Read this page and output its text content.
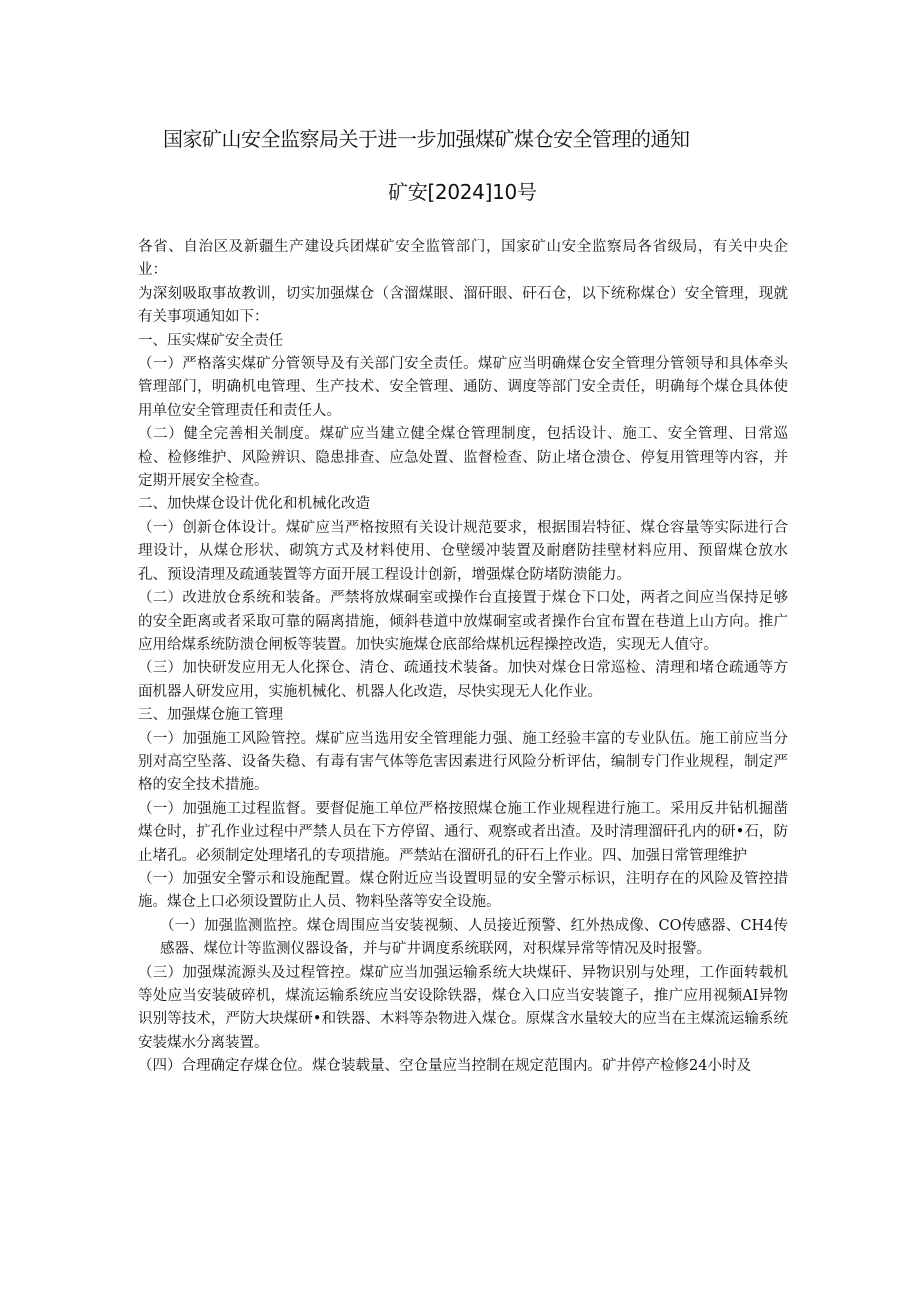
国家矿山安全监察局关于进一步加强煤矿煤仓安全管理的通知
矿安[2024]10号

各省、自治区及新疆生产建设兵团煤矿安全监管部门，国家矿山安全监察局各省级局，有关中央企业：

为深刻吸取事故教训，切实加强煤仓（含溜煤眼、溜矸眼、矸石仓，以下统称煤仓）安全管理，现就有关事项通知如下：

一、压实煤矿安全责任

（一）严格落实煤矿分管领导及有关部门安全责任。煤矿应当明确煤仓安全管理分管领导和具体牵头管理部门，明确机电管理、生产技术、安全管理、通防、调度等部门安全责任，明确每个煤仓具体使用单位安全管理责任和责任人。

（二）健全完善相关制度。煤矿应当建立健全煤仓管理制度，包括设计、施工、安全管理、日常巡检、检修维护、风险辨识、隐患排查、应急处置、监督检查、防止堵仓溃仓、停复用管理等内容，并定期开展安全检查。

二、加快煤仓设计优化和机械化改造

（一）创新仓体设计。煤矿应当严格按照有关设计规范要求，根据围岩特征、煤仓容量等实际进行合理设计，从煤仓形状、砌筑方式及材料使用、仓壁缓冲装置及耐磨防挂壁材料应用、预留煤仓放水孔、预设清理及疏通装置等方面开展工程设计创新，增强煤仓防堵防溃能力。

（二）改进放仓系统和装备。严禁将放煤硐室或操作台直接置于煤仓下口处，两者之间应当保持足够的安全距离或者采取可靠的隔离措施，倾斜巷道中放煤硐室或者操作台宜布置在巷道上山方向。推广应用给煤系统防溃仓闸板等装置。加快实施煤仓底部给煤机远程操控改造，实现无人值守。

（三）加快研发应用无人化探仓、清仓、疏通技术装备。加快对煤仓日常巡检、清理和堵仓疏通等方面机器人研发应用，实施机械化、机器人化改造，尽快实现无人化作业。

三、加强煤仓施工管理

（一）加强施工风险管控。煤矿应当选用安全管理能力强、施工经验丰富的专业队伍。施工前应当分别对高空坠落、设备失稳、有毒有害气体等危害因素进行风险分析评估，编制专门作业规程，制定严格的安全技术措施。

（一）加强施工过程监督。要督促施工单位严格按照煤仓施工作业规程进行施工。采用反井钻机掘凿煤仓时，扩孔作业过程中严禁人员在下方停留、通行、观察或者出渣。及时清理溜矸孔内的研•石，防止堵孔。必须制定处理堵孔的专项措施。严禁站在溜研孔的矸石上作业。四、加强日常管理维护

（一）加强安全警示和设施配置。煤仓附近应当设置明显的安全警示标识，注明存在的风险及管控措施。煤仓上口必须设置防止人员、物料坠落等安全设施。

（一）加强监测监控。煤仓周围应当安装视频、人员接近预警、红外热成像、CO传感器、CH4传感器、煤位计等监测仪器设备，并与矿井调度系统联网，对积煤异常等情况及时报警。

（三）加强煤流源头及过程管控。煤矿应当加强运输系统大块煤矸、异物识别与处理，工作面转载机等处应当安装破碎机，煤流运输系统应当安设除铁器，煤仓入口应当安装篦子，推广应用视频AI异物识别等技术，严防大块煤研•和铁器、木料等杂物进入煤仓。原煤含水量较大的应当在主煤流运输系统安装煤水分离装置。

（四）合理确定存煤仓位。煤仓装载量、空仓量应当控制在规定范围内。矿井停产检修24小时及
